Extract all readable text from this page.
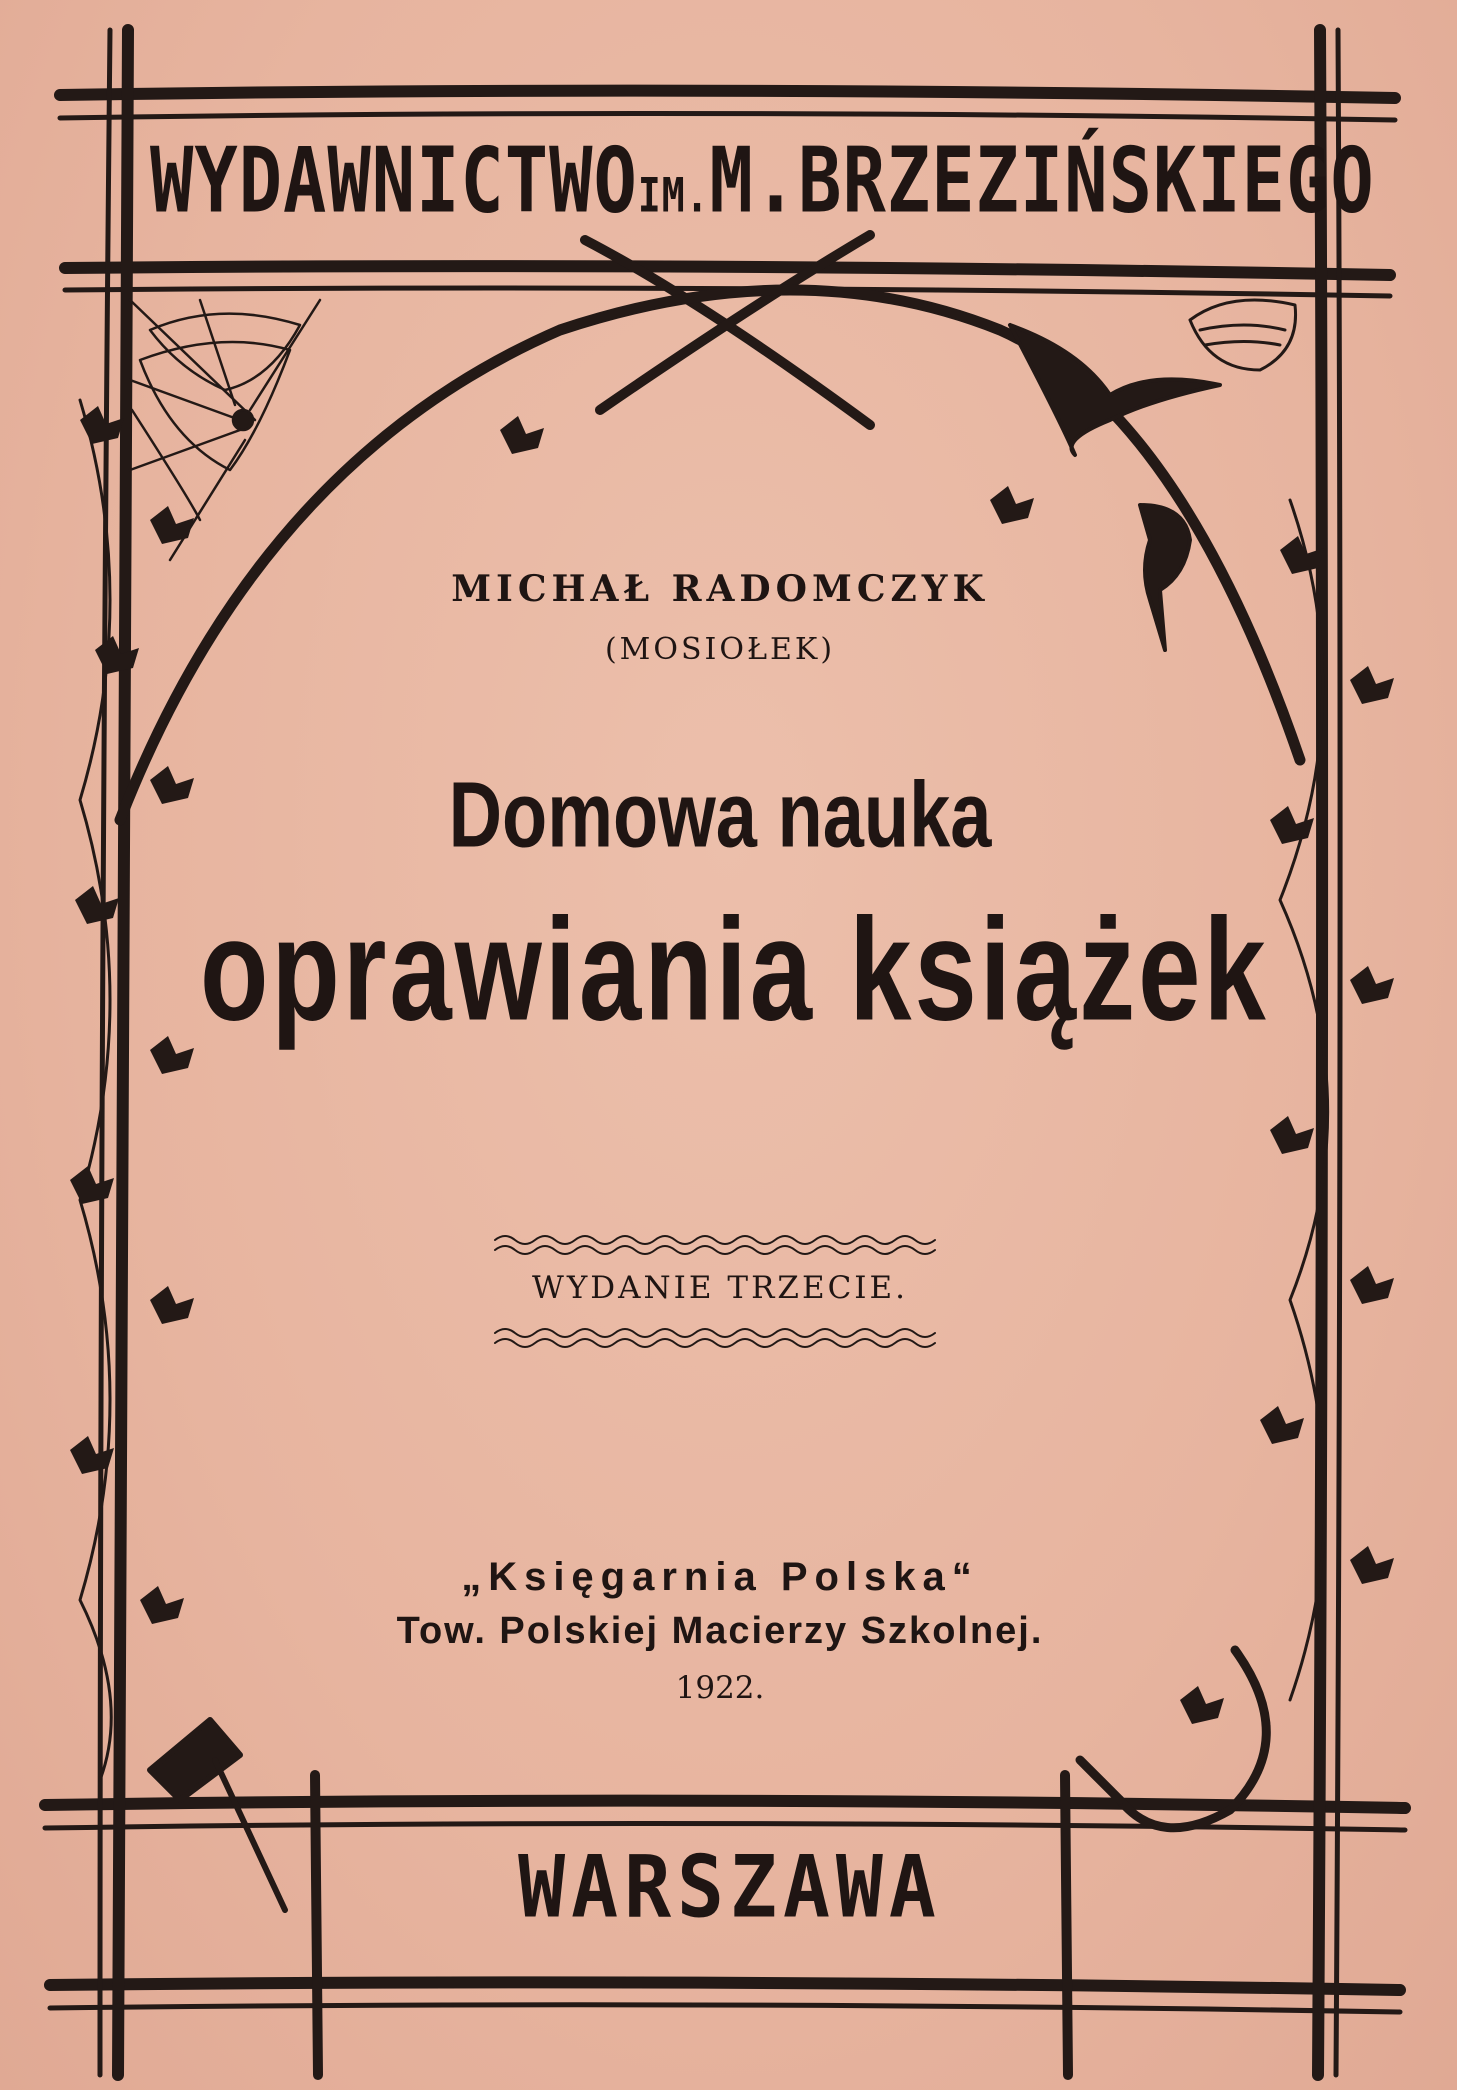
WYDAWNICTWOIM.M.BRZEZIŃSKIEGO
MICHAŁ RADOMCZYK
(MOSIOŁEK)
Domowa nauka
oprawiania książek
WYDANIE TRZECIE.
„Księgarnia Polska“
Tow. Polskiej Macierzy Szkolnej.
1922.
WARSZAWA
